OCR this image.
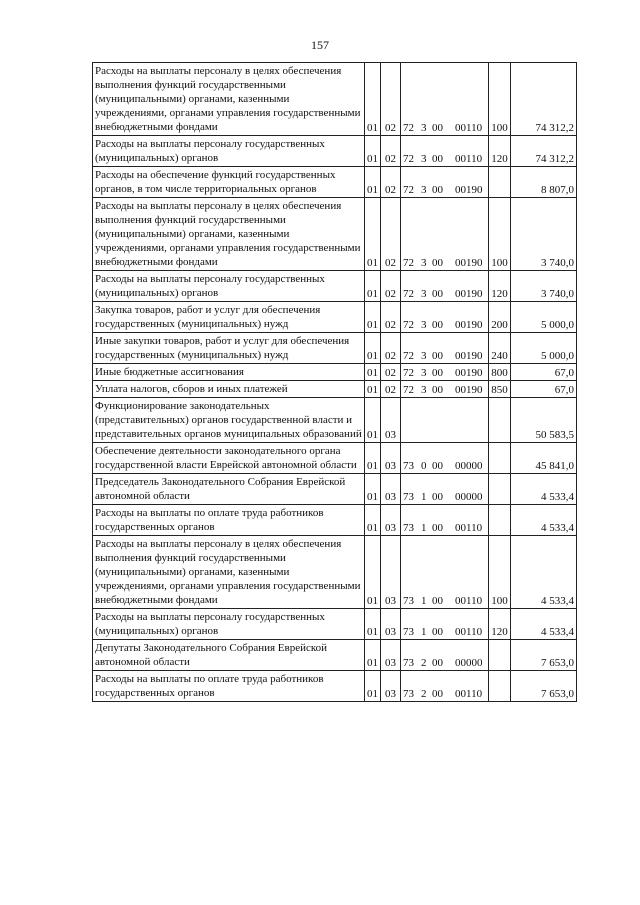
157
Расходы на выплаты персоналу в целях обеспечения выполнения функций государственными (муниципальными) органами, казенными учреждениями, органами управления государственными внебюджетными фондами	01	02	72 3 00 00110	100	74 312,2
Расходы на выплаты персоналу государственных (муниципальных) органов	01	02	72 3 00 00110	120	74 312,2
Расходы на обеспечение функций государственных органов, в том числе территориальных органов	01	02	72 3 00 00190		8 807,0
Расходы на выплаты персоналу в целях обеспечения выполнения функций государственными (муниципальными) органами, казенными учреждениями, органами управления государственными внебюджетными фондами	01	02	72 3 00 00190	100	3 740,0
Расходы на выплаты персоналу государственных (муниципальных) органов	01	02	72 3 00 00190	120	3 740,0
Закупка товаров, работ и услуг для обеспечения государственных (муниципальных) нужд	01	02	72 3 00 00190	200	5 000,0
Иные закупки товаров, работ и услуг для обеспечения государственных (муниципальных) нужд	01	02	72 3 00 00190	240	5 000,0
Иные бюджетные ассигнования	01	02	72 3 00 00190	800	67,0
Уплата налогов, сборов и иных платежей	01	02	72 3 00 00190	850	67,0
Функционирование законодательных (представительных) органов государственной власти и представительных органов муниципальных образований	01	03			50 583,5
Обеспечение деятельности законодательного органа государственной власти Еврейской автономной области	01	03	73 0 00 00000		45 841,0
Председатель Законодательного Собрания Еврейской автономной области	01	03	73 1 00 00000		4 533,4
Расходы на выплаты по оплате труда работников государственных органов	01	03	73 1 00 00110		4 533,4
Расходы на выплаты персоналу в целях обеспечения выполнения функций государственными (муниципальными) органами, казенными учреждениями, органами управления государственными внебюджетными фондами	01	03	73 1 00 00110	100	4 533,4
Расходы на выплаты персоналу государственных (муниципальных) органов	01	03	73 1 00 00110	120	4 533,4
Депутаты Законодательного Собрания Еврейской автономной области	01	03	73 2 00 00000		7 653,0
Расходы на выплаты по оплате труда работников государственных органов	01	03	73 2 00 00110		7 653,0
